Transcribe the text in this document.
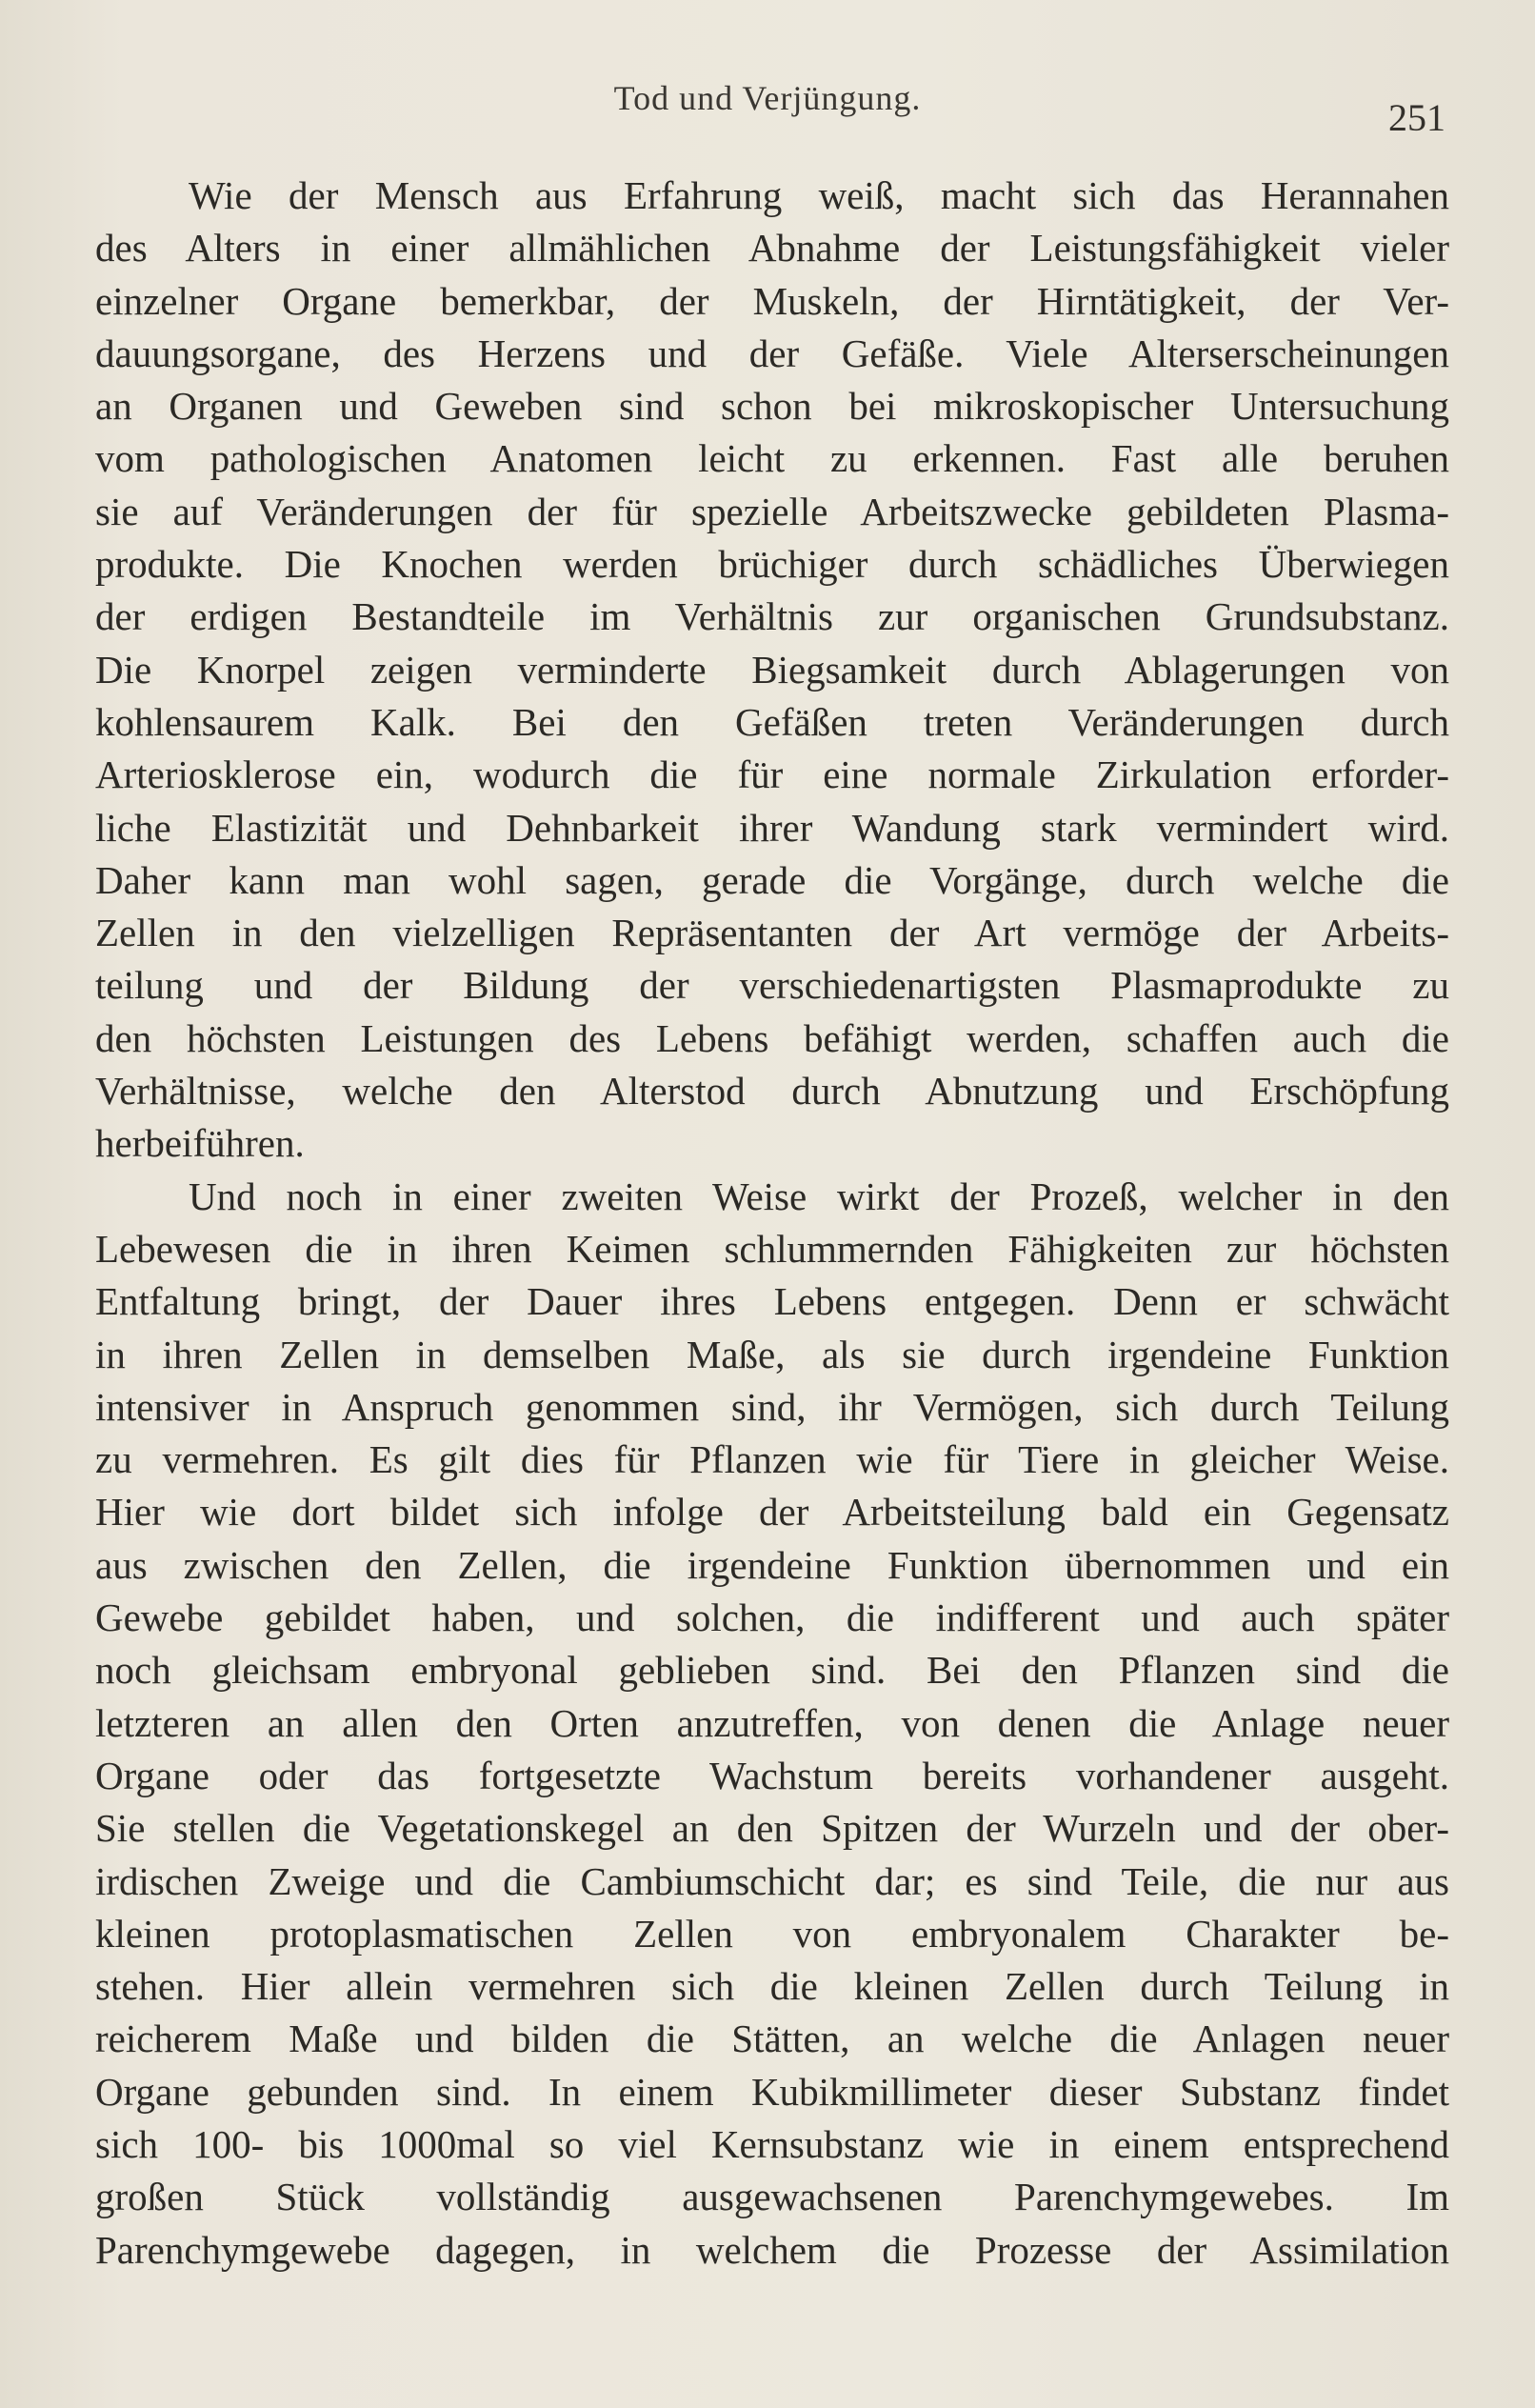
Tod und Verjüngung.	251
Wie der Mensch aus Erfahrung weiß, macht sich das Herannahen
des Alters in einer allmählichen Abnahme der Leistungsfähigkeit vieler
einzelner Organe bemerkbar, der Muskeln, der Hirntätigkeit, der Ver-
dauungsorgane, des Herzens und der Gefäße. Viele Alterserscheinungen
an Organen und Geweben sind schon bei mikroskopischer Untersuchung
vom pathologischen Anatomen leicht zu erkennen. Fast alle beruhen
sie auf Veränderungen der für spezielle Arbeitszwecke gebildeten Plasma-
produkte. Die Knochen werden brüchiger durch schädliches Überwiegen
der erdigen Bestandteile im Verhältnis zur organischen Grundsubstanz.
Die Knorpel zeigen verminderte Biegsamkeit durch Ablagerungen von
kohlensaurem Kalk. Bei den Gefäßen treten Veränderungen durch
Arteriosklerose ein, wodurch die für eine normale Zirkulation erforder-
liche Elastizität und Dehnbarkeit ihrer Wandung stark vermindert wird.
Daher kann man wohl sagen, gerade die Vorgänge, durch welche die
Zellen in den vielzelligen Repräsentanten der Art vermöge der Arbeits-
teilung und der Bildung der verschiedenartigsten Plasmaprodukte zu
den höchsten Leistungen des Lebens befähigt werden, schaffen auch die
Verhältnisse, welche den Alterstod durch Abnutzung und Erschöpfung
herbeiführen.
Und noch in einer zweiten Weise wirkt der Prozeß, welcher in den
Lebewesen die in ihren Keimen schlummernden Fähigkeiten zur höchsten
Entfaltung bringt, der Dauer ihres Lebens entgegen. Denn er schwächt
in ihren Zellen in demselben Maße, als sie durch irgendeine Funktion
intensiver in Anspruch genommen sind, ihr Vermögen, sich durch Teilung
zu vermehren. Es gilt dies für Pflanzen wie für Tiere in gleicher Weise.
Hier wie dort bildet sich infolge der Arbeitsteilung bald ein Gegensatz
aus zwischen den Zellen, die irgendeine Funktion übernommen und ein
Gewebe gebildet haben, und solchen, die indifferent und auch später
noch gleichsam embryonal geblieben sind. Bei den Pflanzen sind die
letzteren an allen den Orten anzutreffen, von denen die Anlage neuer
Organe oder das fortgesetzte Wachstum bereits vorhandener ausgeht.
Sie stellen die Vegetationskegel an den Spitzen der Wurzeln und der ober-
irdischen Zweige und die Cambiumschicht dar; es sind Teile, die nur aus
kleinen protoplasmatischen Zellen von embryonalem Charakter be-
stehen. Hier allein vermehren sich die kleinen Zellen durch Teilung in
reicherem Maße und bilden die Stätten, an welche die Anlagen neuer
Organe gebunden sind. In einem Kubikmillimeter dieser Substanz findet
sich 100- bis 1000mal so viel Kernsubstanz wie in einem entsprechend
großen Stück vollständig ausgewachsenen Parenchymgewebes. Im
Parenchymgewebe dagegen, in welchem die Prozesse der Assimilation
